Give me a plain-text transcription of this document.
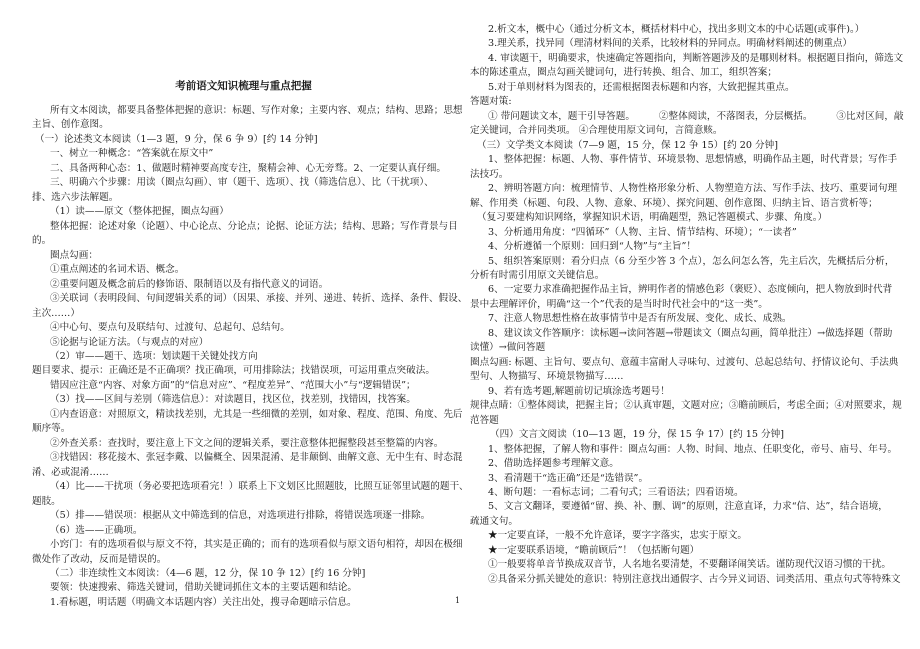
考前语文知识梳理与重点把握
所有文本阅读，都要具备整体把握的意识：标题、写作对象；主要内容、观点；结构、思路；思想
主旨、创作意图。
（一）论述类文本阅读（1—3 题，9 分，保 6 争 9）[约 14 分钟]
一、树立一种概念：“答案就在原文中”
二、具备两种心态：1、做题时精神要高度专注，聚精会神、心无旁骛。2、一定要认真仔细。
三、明确六个步骤：用读（圈点勾画）、审（题干、选项）、找（筛选信息）、比（干扰项）、
排、选六步法解题。
（1）读——原文（整体把握，圈点勾画）
整体把握：论述对象（论题）、中心论点、分论点；论据、论证方法；结构、思路；写作背景与目
的。
圈点勾画：
①重点阐述的名词术语、概念。
②重要问题及概念前后的修饰语、限制语以及有指代意义的词语。
③关联词（表明段间、句间逻辑关系的词）（因果、承接、并列、递进、转折、选择、条件、假设、
主次……）
④中心句、要点句及联结句、过渡句、总起句、总结句。
⑤论据与论证方法。（与观点的对应）
（2）审——题干、选项：划读题干关键处找方向
题目要求、提示：正确还是不正确项？找正确项，可用排除法；找错误项，可运用重点突破法。
错因应注意“内容、对象方面”的“信息对应”、“程度差异”、“范围大小”与“逻辑错误”；
（3）找——区间与差别（筛选信息）：对读题目，找区位，找差别，找错因，找答案。
①内查语意：对照原文，精读找差别，尤其是一些细微的差别，如对象、程度、范围、角度、先后
顺序等。
②外查关系：查找时，要注意上下文之间的逻辑关系，要注意整体把握整段甚至整篇的内容。
③找错因：移花接木、张冠李戴、以偏概全、因果混淆、是非颠倒、曲解文意、无中生有、时态混
淆、必或混淆……
（4）比——干扰项（务必要把选项看完！）联系上下文划区比照题肢，比照互证邻里试题的题干、
题肢。
（5）排——错误项：根据从文中筛选到的信息，对选项进行排除，将错误选项逐一排除。
（6）选——正确项。
小窍门：有的选项看似与原文不符，其实是正确的；而有的选项看似与原文语句相符，却因在极细
微处作了改动，反而是错误的。
（二）非连续性文本阅读：（4—6 题，12 分，保 10 争 12）[约 16 分钟]
要领：快速搜索、筛选关键词，借助关键词抓住文本的主要话题和结论。
1.看标题，明话题（明确文本话题内容）关注出处，搜寻命题暗示信息。
2.析文本，概中心（通过分析文本，概括材料中心，找出多则文本的中心话题(或事件)。）
3.理关系，找异同（理清材料间的关系，比较材料的异同点。明确材料阐述的侧重点）
4. 审读题干，明确要求，快速确定答题指向，判断答题涉及的是哪则材料。根据题目指向，筛选文
本的陈述重点，圈点勾画关键词句，进行转换、组合、加工，组织答案；
5.对于单则材料为图表的，还需根据图表标题和内容，大致把握其重点。
答题对策:
① 带问题读文本，题干引导答题。　　　②整体阅读，不落图表，分层概括。　　　③比对区间，敲
定关键词，合并同类项。 ④合理使用原文词句，言简意赅。
（三）文学类文本阅读（7—9 题，15 分，保 12 争 15）[约 20 分钟]
1、整体把握：标题、人物、事件情节、环境景物、思想情感，明确作品主题，时代背景；写作手
法技巧。
2、辨明答题方向：梳理情节、人物性格形象分析、人物塑造方法、写作手法、技巧、重要词句理
解、作用类（标题、句段、人物、意象、环境）、探究问题、创作意图、归纳主旨、语言赏析等；
（复习要建构知识网络，掌握知识术语，明确题型，熟记答题模式、步骤、角度。）
3、分析通用角度：“四循环”（人物、主旨、情节结构、环境）；“一读者”
4、分析遵循一个原则：回归到“人物”与“主旨”！
5、组织答案原则：看分归点（6 分至少答 3 个点），怎么问怎么答，先主后次，先概括后分析，
分析有时需引用原文关键信息。
6、一定要力求准确把握作品主旨，辨明作者的情感色彩（褒贬）、态度倾向，把人物放到时代背
景中去理解评价，明确“这一个”代表的是当时时代社会中的“这一类”。
7、注意人物思想性格在故事情节中是否有所发展、变化、成长、成熟。
8、建议读文作答顺序：读标题→读问答题→带题读文（圈点勾画，简单批注）→做选择题（帮助
读懂）→做问答题
圈点勾画: 标题、主旨句、要点句、意蕴丰富耐人寻味句、过渡句、总起总结句、抒情议论句、手法典
型句、人物描写、环境景物描写……
9、若有选考题,解题前切记填涂选考题号！
规律点睛：①整体阅读，把握主旨；②认真审题，文题对应；③瞻前顾后，考虑全面；④对照要求，规
范答题
（四）文言文阅读（10—13 题，19 分，保 15 争 17）[约 15 分钟]
1、整体把握，了解人物和事件：圈点勾画：人物、时间、地点、任职变化，帝号、庙号、年号。
2、借助选择题参考理解文意。
3、看清题干“选正确”还是“选错误”。
4、断句题：一看标志词；二看句式；三看语法；四看语境。
5、文言文翻译，要遵循“留、换、补、删、调”的原则，注意直译，力求“信、达”，结合语境，
疏通文句。
★一定要直译，一般不允许意译，要字字落实，忠实于原文。
★一定要联系语境，“瞻前顾后”！（包括断句题）
①一般要将单音节换成双音节，人名地名要清楚，不要翻译闹笑话。谨防现代汉语习惯的干扰。
②具备采分抓关键处的意识：特别注意找出通假字、古今异义词语、词类活用、重点句式等特殊文
1
